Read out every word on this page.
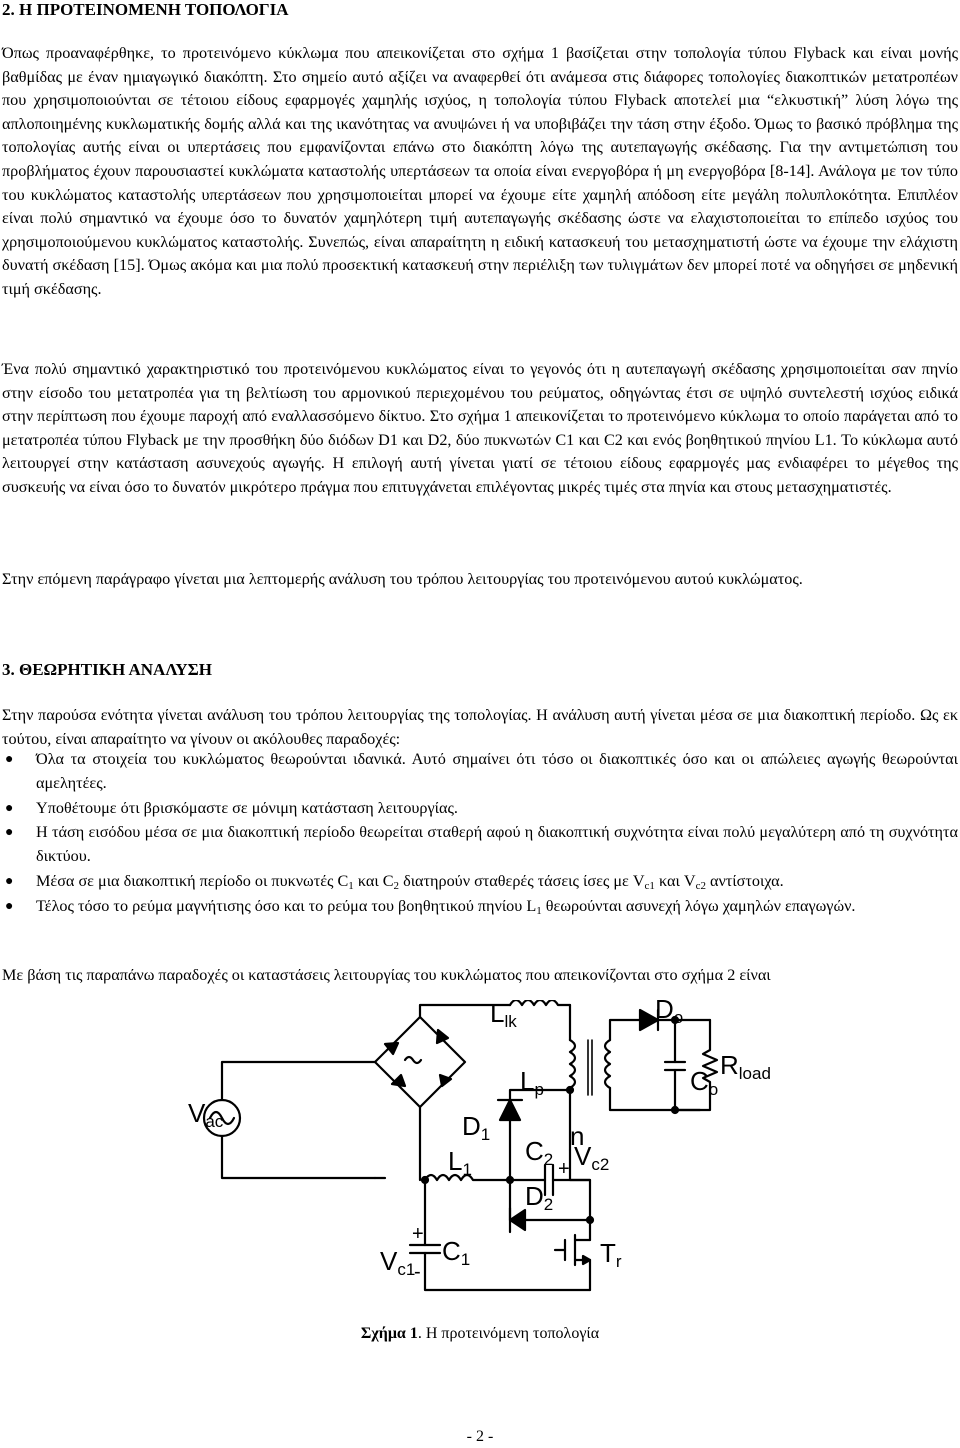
2. Η ΠΡΟΤΕΙΝΟΜΕΝΗ ΤΟΠΟΛΟΓΙΑ

Όπως προαναφέρθηκε, το προτεινόμενο κύκλωμα που απεικονίζεται στο σχήμα 1 βασίζεται στην τοπολογία τύπου Flyback και είναι μονής βαθμίδας με έναν ημιαγωγικό διακόπτη. Στο σημείο αυτό αξίζει να αναφερθεί ότι ανάμεσα στις διάφορες τοπολογίες διακοπτικών μετατροπέων που χρησιμοποιούνται σε τέτοιου είδους εφαρμογές χαμηλής ισχύος, η τοπολογία τύπου Flyback αποτελεί μια “ελκυστική” λύση λόγω της απλοποιημένης κυκλωματικής δομής αλλά και της ικανότητας να ανυψώνει ή να υποβιβάζει την τάση στην έξοδο. Όμως το βασικό πρόβλημα της τοπολογίας αυτής είναι οι υπερτάσεις που εμφανίζονται επάνω στο διακόπτη λόγω της αυτεπαγωγής σκέδασης. Για την αντιμετώπιση του προβλήματος έχουν παρουσιαστεί κυκλώματα καταστολής υπερτάσεων τα οποία είναι ενεργοβόρα ή μη ενεργοβόρα [8-14]. Ανάλογα με τον τύπο του κυκλώματος καταστολής υπερτάσεων που χρησιμοποιείται μπορεί να έχουμε είτε χαμηλή απόδοση είτε μεγάλη πολυπλοκότητα. Επιπλέον είναι πολύ σημαντικό να έχουμε όσο το δυνατόν χαμηλότερη τιμή αυτεπαγωγής σκέδασης ώστε να ελαχιστοποιείται το επίπεδο ισχύος του χρησιμοποιούμενου κυκλώματος καταστολής. Συνεπώς, είναι απαραίτητη η ειδική κατασκευή του μετασχηματιστή ώστε να έχουμε την ελάχιστη δυνατή σκέδαση [15]. Όμως ακόμα και μια πολύ προσεκτική κατασκευή στην περιέλιξη των τυλιγμάτων δεν μπορεί ποτέ να οδηγήσει σε μηδενική τιμή σκέδασης.

Ένα πολύ σημαντικό χαρακτηριστικό του προτεινόμενου κυκλώματος είναι το γεγονός ότι η αυτεπαγωγή σκέδασης χρησιμοποιείται σαν πηνίο στην είσοδο του μετατροπέα για τη βελτίωση του αρμονικού περιεχομένου του ρεύματος, οδηγώντας έτσι σε υψηλό συντελεστή ισχύος ειδικά στην περίπτωση που έχουμε παροχή από εναλλασσόμενο δίκτυο. Στο σχήμα 1 απεικονίζεται το προτεινόμενο κύκλωμα το οποίο παράγεται από το μετατροπέα τύπου Flyback με την προσθήκη δύο διόδων D1 και D2, δύο πυκνωτών C1 και C2 και ενός βοηθητικού πηνίου L1. Το κύκλωμα αυτό λειτουργεί στην κατάσταση ασυνεχούς αγωγής. Η επιλογή αυτή γίνεται γιατί σε τέτοιου είδους εφαρμογές μας ενδιαφέρει το μέγεθος της συσκευής να είναι όσο το δυνατόν μικρότερο πράγμα που επιτυγχάνεται επιλέγοντας μικρές τιμές στα πηνία και στους μετασχηματιστές.

Στην επόμενη παράγραφο γίνεται μια λεπτομερής ανάλυση του τρόπου λειτουργίας του προτεινόμενου αυτού κυκλώματος.

3. ΘΕΩΡΗΤΙΚΗ ΑΝΑΛΥΣΗ

Στην παρούσα ενότητα γίνεται ανάλυση του τρόπου λειτουργίας της τοπολογίας. Η ανάλυση αυτή γίνεται μέσα σε μια διακοπτική περίοδο. Ως εκ τούτου, είναι απαραίτητο να γίνουν οι ακόλουθες παραδοχές:

● Όλα τα στοιχεία του κυκλώματος θεωρούνται ιδανικά. Αυτό σημαίνει ότι τόσο οι διακοπτικές όσο και οι απώλειες αγωγής θεωρούνται αμελητέες.
● Υποθέτουμε ότι βρισκόμαστε σε μόνιμη κατάσταση λειτουργίας.
● Η τάση εισόδου μέσα σε μια διακοπτική περίοδο θεωρείται σταθερή αφού η διακοπτική συχνότητα είναι πολύ μεγαλύτερη από τη συχνότητα δικτύου.
● Μέσα σε μια διακοπτική περίοδο οι πυκνωτές $C_1$ και $C_2$ διατηρούν σταθερές τάσεις ίσες με $V_{c1}$ και $V_{c2}$ αντίστοιχα.
● Τέλος τόσο το ρεύμα μαγνήτισης όσο και το ρεύμα του βοηθητικού πηνίου $L_1$ θεωρούνται ασυνεχή λόγω χαμηλών επαγωγών.

Με βάση τις παραπάνω παραδοχές οι καταστάσεις λειτουργίας του κυκλώματος που απεικονίζονται στο σχήμα 2 είναι

Llk	Do
Lp	Co
Rload
Vac	D1	n
L1
C2 Vc2
D2
Vc1
C1	Tr
+
+
-

Σχήμα 1. Η προτεινόμενη τοπολογία

- 2 -
